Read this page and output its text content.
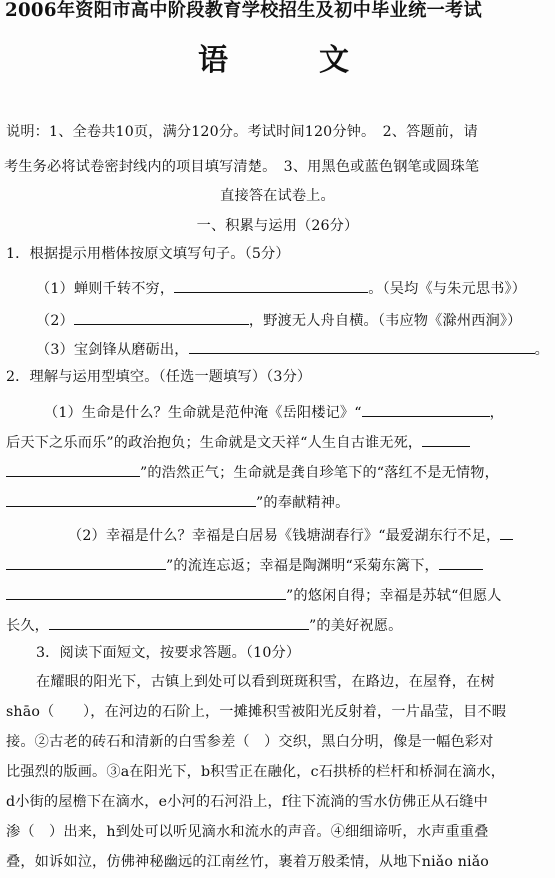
2006年资阳市高中阶段教育学校招生及初中毕业统一考试
语	文
说明：1、全卷共10页，满分120分。考试时间120分钟。　2、答题前，请
考生务必将试卷密封线内的项目填写清楚。　3、用黑色或蓝色钢笔或圆珠笔
直接答在试卷上。
一、积累与运用（26分）
1．根据提示用楷体按原文填写句子。（5分）
（1）蝉则千转不穷，	。（吴均《与朱元思书》）
（2）	，野渡无人舟自横。（韦应物《滁州西涧》）
（3）宝剑锋从磨砺出，	。
2．理解与运用型填空。（任选一题填写）（3分）
（1）生命是什么？生命就是范仲淹《岳阳楼记》“	，
后天下之乐而乐”的政治抱负；生命就是文天祥“人生自古谁无死，
”的浩然正气；生命就是龚自珍笔下的“落红不是无情物，
”的奉献精神。
（2）幸福是什么？幸福是白居易《钱塘湖春行》“最爱湖东行不足，
”的流连忘返；幸福是陶渊明“采菊东篱下，
”的悠闲自得；幸福是苏轼“但愿人
长久，	”的美好祝愿。
3．阅读下面短文，按要求答题。（10分）
在耀眼的阳光下，古镇上到处可以看到斑斑积雪，在路边，在屋脊，在树
shāo（　　），在河边的石阶上，一摊摊积雪被阳光反射着，一片晶莹，目不暇
接。②古老的砖石和清新的白雪参差（　）交织，黑白分明，像是一幅色彩对
比强烈的版画。③a在阳光下，b积雪正在融化，c石拱桥的栏杆和桥洞在滴水，
d小街的屋檐下在滴水，e小河的石河沿上，f往下流淌的雪水仿佛正从石缝中
渗（　）出来，h到处可以听见滴水和流水的声音。④细细谛听，水声重重叠
叠，如诉如泣，仿佛神秘幽远的江南丝竹，裹着万般柔情，从地下niǎo niǎo
